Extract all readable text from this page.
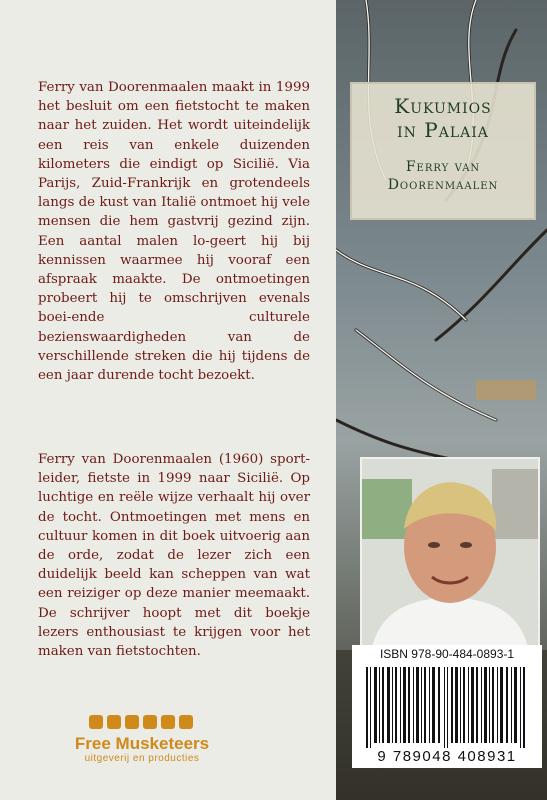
Ferry van Doorenmaalen maakt in 1999 het besluit om een fietstocht te maken naar het zuiden. Het wordt uiteindelijk een reis van enkele duizenden kilometers die eindigt op Sicilië. Via Parijs, Zuid-Frankrijk en grotendeels langs de kust van Italië ontmoet hij vele mensen die hem gastvrij gezind zijn. Een aantal malen lo-geert hij bij kennissen waarmee hij vooraf een afspraak maakte. De ontmoetingen probeert hij te omschrijven evenals boei-ende culturele bezienswaardigheden van de verschillende streken die hij tijdens de een jaar durende tocht bezoekt.

Ferry van Doorenmaalen (1960) sport-leider, fietste in 1999 naar Sicilië. Op luchtige en reële wijze verhaalt hij over de tocht. Ontmoetingen met mens en cultuur komen in dit boek uitvoerig aan de orde, zodat de lezer zich een duidelijk beeld kan scheppen van wat een reiziger op deze manier meemaakt. De schrijver hoopt met dit boekje lezers enthousiast te krijgen voor het maken van fietstochten.

Free Musketeers
uitgeverij en producties
Kukumios
in Palaia
Ferry van
Doorenmaalen
ISBN 978-90-484-0893-1
9 789048 408931
